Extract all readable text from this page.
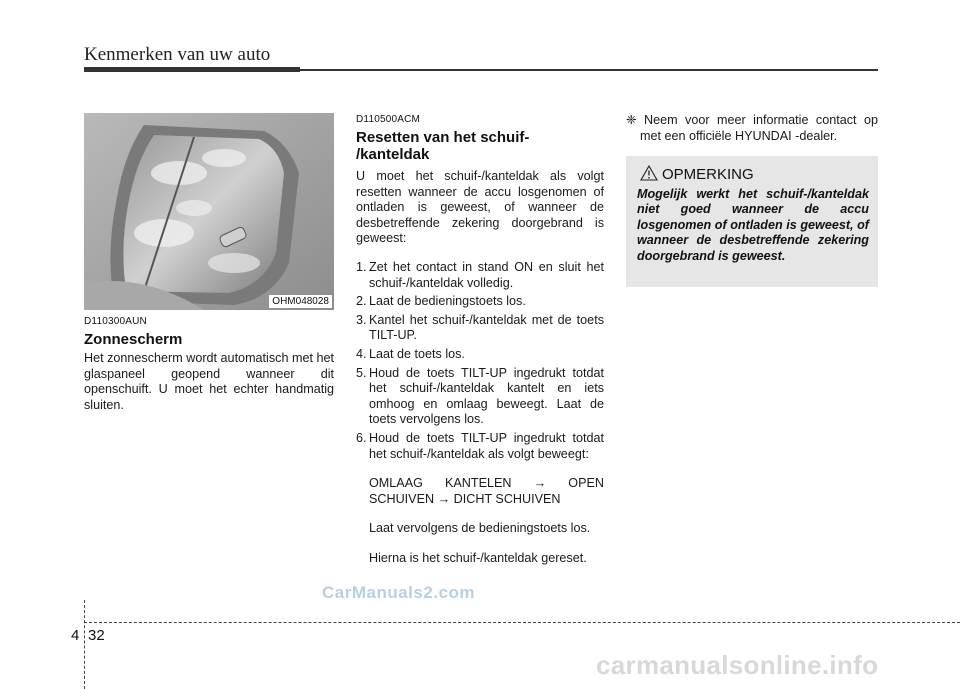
Kenmerken van uw auto
OHM048028
D110300AUN
Zonnescherm
Het zonnescherm wordt automatisch met het glaspaneel geopend wanneer dit openschuift. U moet het echter handmatig sluiten.
D110500ACM
Resetten van het schuif-
/kanteldak
U moet het schuif-/kanteldak als volgt resetten wanneer de accu losgenomen of ontladen is geweest, of wanneer de desbetreffende zekering doorgebrand is geweest:
1. Zet het contact in stand ON en sluit het schuif-/kanteldak volledig.
2. Laat de bedieningstoets los.
3. Kantel het schuif-/kanteldak met de toets TILT-UP.
4. Laat de toets los.
5. Houd de toets TILT-UP ingedrukt totdat het schuif-/kanteldak kantelt en iets omhoog en omlaag beweegt. Laat de toets vervolgens los.
6. Houd de toets TILT-UP ingedrukt totdat het schuif-/kanteldak als volgt beweegt:
OMLAAG KANTELEN → OPEN
SCHUIVEN → DICHT SCHUIVEN
Laat vervolgens de bedieningstoets los.
Hierna is het schuif-/kanteldak gereset.
❈ Neem voor meer informatie contact op met een officiële HYUNDAI -dealer.
OPMERKING
Mogelijk werkt het schuif-/kanteldak niet goed wanneer de accu losgenomen of ontladen is geweest, of wanneer de desbetreffende zekering doorgebrand is geweest.
CarManuals2.com
4 32
carmanualsonline.info
